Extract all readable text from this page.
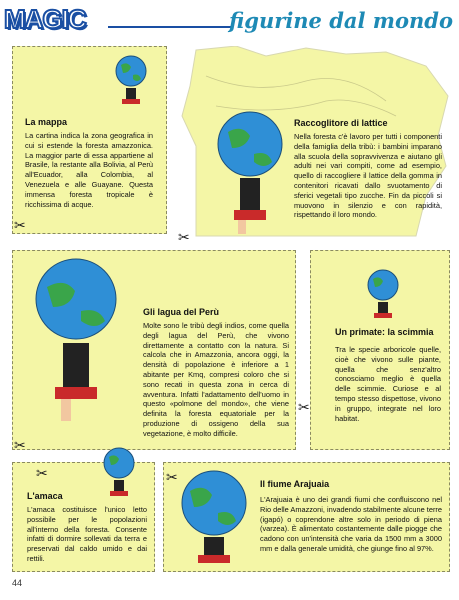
MAGIC	figurine dal mondo
La mappa
La cartina indica la zona geografica in cui si estende la foresta amazzonica. La maggior parte di essa appartiene al Brasile, la restante alla Bolivia, al Perù all'Ecuador, alla Colombia, al Venezuela e alle Guayane. Questa immensa foresta tropicale è ricchissima di acque.
✂
Raccoglitore di lattice
Nella foresta c'è lavoro per tutti i componenti della famiglia della tribù: i bambini imparano alla scuola della sopravvivenza e aiutano gli adulti nei vari compiti, come ad esempio, quello di raccogliere il lattice della gomma in contenitori ricavati dallo svuotamento di sferici vegetali tipo zucche. Fin da piccoli si muovono in silenzio e con rapidità, rispettando il loro mondo.
✂
Gli lagua del Perù
Molte sono le tribù degli indios, come quella degli lagua del Perù, che vivono direttamente a contatto con la natura. Si calcola che in Amazzonia, ancora oggi, la densità di popolazione è inferiore a 1 abitante per Kmq, compresi coloro che si sono recati in questa zona in cerca di avventura. Infatti l'adattamento dell'uomo in questo «polmone del mondo», che viene definita la foresta equatoriale per la produzione di ossigeno della sua vegetazione, è molto difficile.
✂
Un primate: la scimmia
Tra le specie arboricole quelle, cioè che vivono sulle piante, quella che senz'altro conosciamo meglio è quella delle scimmie. Curiose e al tempo stesso dispettose, vivono in gruppo, integrate nel loro habitat.
✂
L'amaca
L'amaca costituisce l'unico letto possibile per le popolazioni all'interno della foresta. Consente infatti di dormire sollevati da terra e preservati dal caldo umido e dai rettili.
✂
Il fiume Arajuaia
L'Arajuaia è uno dei grandi fiumi che confluiscono nel Rio delle Amazzoni, invadendo stabilmente alcune terre (igapó) o coprendone altre solo in periodo di piena (varzea). È alimentato costantemente dalle piogge che cadono con un'intensità che varia da 1500 mm a 3000 mm e dalla generale umidità, che giunge fino al 97%.
✂
44
